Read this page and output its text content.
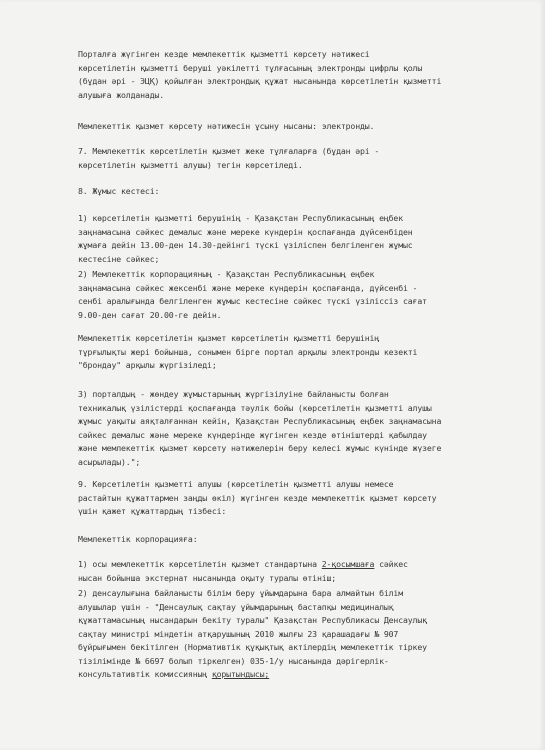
Порталға жүгінген кезде мемлекеттік қызметті көрсету нәтижесі
көрсетілетін қызметті беруші уәкілетті тұлғасының электронды цифрлы қолы
(бұдан әрі - ЭЦҚ) қойылған электрондық құжат нысанында көрсетілетін қызметті
алушыға жолданады.

Мемлекеттік қызмет көрсету нәтижесін ұсыну нысаны: электронды.

7. Мемлекеттік көрсетілетін қызмет жеке тұлғаларға (бұдан әрі -
көрсетілетін қызметті алушы) тегін көрсетіледі.

8. Жұмыс кестесі:

1) көрсетілетін қызметті берушінің - Қазақстан Республикасының еңбек
заңнамасына сәйкес демалыс және мереке күндерін қоспағанда дүйсенбіден
жұмаға дейін 13.00-ден 14.30-дейінгі түскі үзіліспен белгіленген жұмыс
кестесіне сәйкес;

2) Мемлекеттік корпорацияның - Қазақстан Республикасының еңбек
заңнамасына сәйкес жексенбі және мереке күндерін қоспағанда, дүйсенбі -
сенбі аралығында белгіленген жұмыс кестесіне сәйкес түскі үзіліссіз сағат
9.00-ден сағат 20.00-ге дейін.

Мемлекеттік көрсетілетін қызмет көрсетілетін қызметті берушінің
тұрғылықты жері бойынша, сонымен бірге портал арқылы электронды кезекті
"брондау" арқылы жүргізіледі;

3) порталдың - жөндеу жұмыстарының жүргізілуіне байланысты болған
техникалық үзілістерді қоспағанда тәулік бойы (көрсетілетін қызметті алушы
жұмыс уақыты аяқталғаннан кейін, Қазақстан Республикасының еңбек заңнамасына
сәйкес демалыс және мереке күндерінде жүгінген кезде өтініштерді қабылдау
және мемлекеттік қызмет көрсету нәтижелерін беру келесі жұмыс күнінде жүзеге
асырылады).";

9. Көрсетілетін қызметті алушы (көрсетілетін қызметті алушы немесе
растайтын құжаттармен заңды өкіл) жүгінген кезде мемлекеттік қызмет көрсету
үшін қажет құжаттардың тізбесі:

Мемлекеттік корпорацияға:

1) осы мемлекеттік көрсетілетін қызмет стандартына 2-қосымшаға сәйкес
нысан бойынша экстернат нысанында оқыту туралы өтініш;

2) денсаулығына байланысты білім беру ұйымдарына бара алмайтын білім
алушылар үшін - "Денсаулық сақтау ұйымдарының бастапқы медициналық
құжаттамасының нысандарын бекіту туралы" Қазақстан Республикасы Денсаулық
сақтау министрі міндетін атқарушының 2010 жылғы 23 қарашадағы № 907
бұйрығымен бекітілген (Нормативтік құқықтық актілердің мемлекеттік тіркеу
тізілімінде № 6697 болып тіркелген) 035-1/у нысанында дәрігерлік-
консультативтік комиссияның қорытындысы;
